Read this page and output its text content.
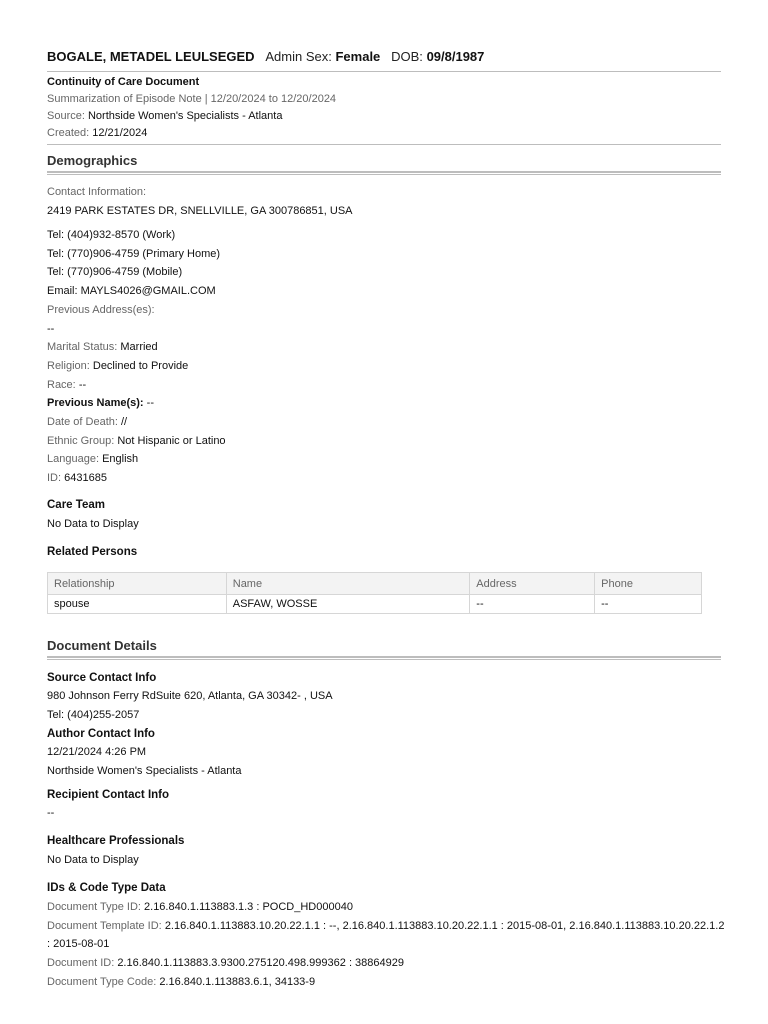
BOGALE, METADEL LEULSEGED Admin Sex: Female DOB: 09/8/1987
Continuity of Care Document
Summarization of Episode Note | 12/20/2024 to 12/20/2024
Source: Northside Women's Specialists - Atlanta
Created: 12/21/2024
Demographics
Contact Information:
2419 PARK ESTATES DR, SNELLVILLE, GA 300786851, USA
Tel: (404)932-8570 (Work)
Tel: (770)906-4759 (Primary Home)
Tel: (770)906-4759 (Mobile)
Email: MAYLS4026@GMAIL.COM
Previous Address(es):
--
Marital Status: Married
Religion: Declined to Provide
Race: --
Previous Name(s): --
Date of Death: //
Ethnic Group: Not Hispanic or Latino
Language: English
ID: 6431685
Care Team
No Data to Display
Related Persons
Relationship	Name	Address	Phone
spouse	ASFAW, WOSSE	--	--
Document Details
Source Contact Info
980 Johnson Ferry RdSuite 620, Atlanta, GA 30342- , USA
Tel: (404)255-2057
Author Contact Info
12/21/2024 4:26 PM
Northside Women's Specialists - Atlanta
Recipient Contact Info
--
Healthcare Professionals
No Data to Display
IDs & Code Type Data
Document Type ID: 2.16.840.1.113883.1.3 : POCD_HD000040
Document Template ID: 2.16.840.1.113883.10.20.22.1.1 : --, 2.16.840.1.113883.10.20.22.1.1 : 2015-08-01, 2.16.840.1.113883.10.20.22.1.2
: 2015-08-01
Document ID: 2.16.840.1.113883.3.9300.275120.498.999362 : 38864929
Document Type Code: 2.16.840.1.113883.6.1, 34133-9
